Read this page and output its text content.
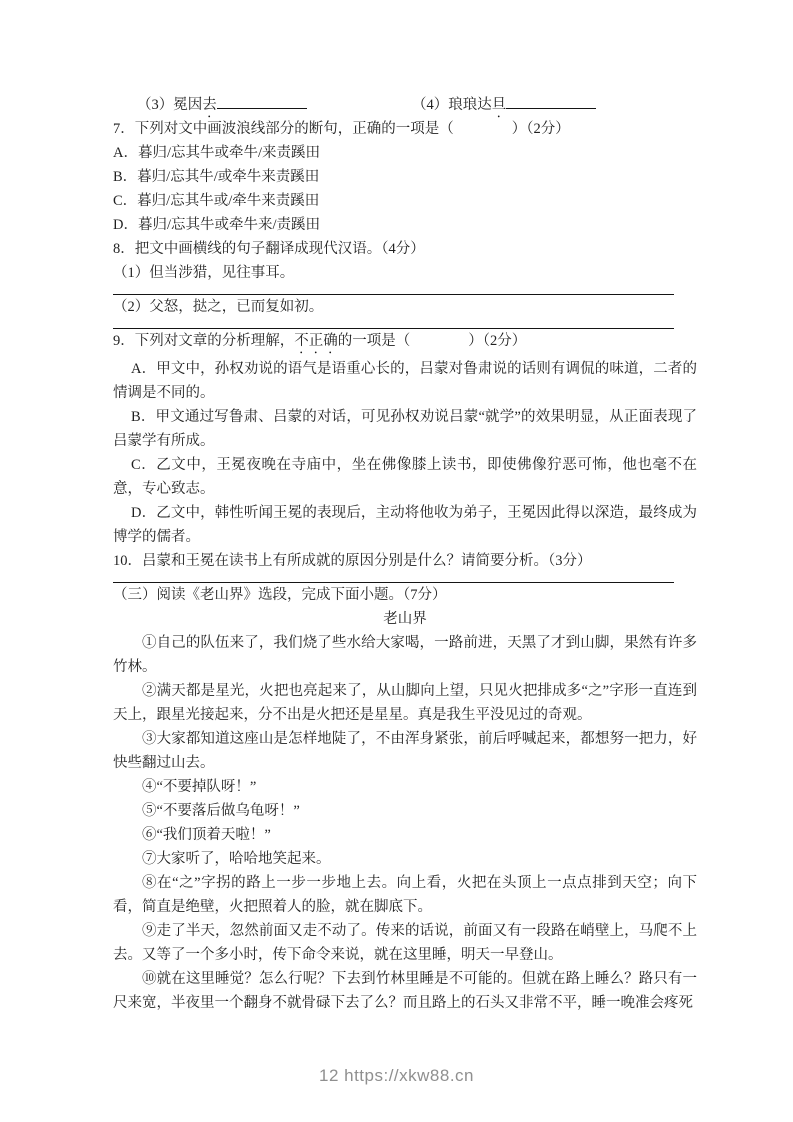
（3）冕因去	（4）琅琅达旦

7．下列对文中画波浪线部分的断句，正确的一项是（　　　　）（2分）

A．暮归/忘其牛或牵牛/来责蹊田

B．暮归/忘其牛/或牵牛来责蹊田

C．暮归/忘其牛或/牵牛来责蹊田

D．暮归/忘其牛或牵牛来/责蹊田

8．把文中画横线的句子翻译成现代汉语。（4分）

（1）但当涉猎，见往事耳。

（2）父怒，挞之，已而复如初。

9．下列对文章的分析理解，不正确的一项是（　　　　）（2分）

A．甲文中，孙权劝说的语气是语重心长的，吕蒙对鲁肃说的话则有调侃的味道，二者的情调是不同的。

B．甲文通过写鲁肃、吕蒙的对话，可见孙权劝说吕蒙“就学”的效果明显，从正面表现了吕蒙学有所成。

C．乙文中，王冕夜晚在寺庙中，坐在佛像膝上读书，即使佛像狞恶可怖，他也毫不在意，专心致志。

D．乙文中，韩性听闻王冕的表现后，主动将他收为弟子，王冕因此得以深造，最终成为博学的儒者。

10．吕蒙和王冕在读书上有所成就的原因分别是什么？请简要分析。（3分）

（三）阅读《老山界》选段，完成下面小题。（7分）

老山界

①自己的队伍来了，我们烧了些水给大家喝，一路前进，天黑了才到山脚，果然有许多竹林。

②满天都是星光，火把也亮起来了，从山脚向上望，只见火把排成多“之”字形一直连到天上，跟星光接起来，分不出是火把还是星星。真是我生平没见过的奇观。

③大家都知道这座山是怎样地陡了，不由浑身紧张，前后呼喊起来，都想努一把力，好快些翻过山去。

④“不要掉队呀！”

⑤“不要落后做乌龟呀！”

⑥“我们顶着天啦！”

⑦大家听了，哈哈地笑起来。

⑧在“之”字拐的路上一步一步地上去。向上看，火把在头顶上一点点排到天空；向下看，简直是绝壁，火把照着人的脸，就在脚底下。

⑨走了半天，忽然前面又走不动了。传来的话说，前面又有一段路在峭壁上，马爬不上去。又等了一个多小时，传下命令来说，就在这里睡，明天一早登山。

⑩就在这里睡觉？怎么行呢？下去到竹林里睡是不可能的。但就在路上睡么？路只有一尺来宽，半夜里一个翻身不就骨碌下去了么？而且路上的石头又非常不平，睡一晚准会疼死

12 https://xkw88.cn
